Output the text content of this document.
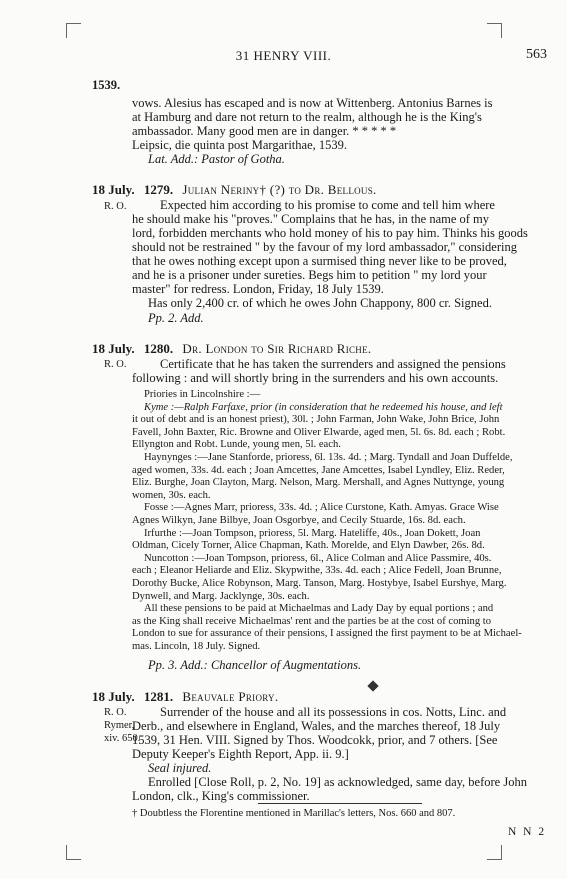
31 HENRY VIII.	563
1539.
vows. Alesius has escaped and is now at Wittenberg. Antonius Barnes is
at Hamburg and dare not return to the realm, although he is the King's
ambassador. Many good men are in danger. * * * * *
Leipsic, die quinta post Margarithae, 1539.
Lat. Add.: Pastor of Gotha.
18 July. 1279. Julian Neriny† (?) to Dr. Bellous.
R. O.	Expected him according to his promise to come and tell him where
he should make his "proves." Complains that he has, in the name of my
lord, forbidden merchants who hold money of his to pay him. Thinks his goods
should not be restrained " by the favour of my lord ambassador," considering
that he owes nothing except upon a surmised thing never like to be proved,
and he is a prisoner under sureties. Begs him to petition " my lord your
master" for redress. London, Friday, 18 July 1539.
Has only 2,400 cr. of which he owes John Chappony, 800 cr. Signed.
Pp. 2. Add.
18 July. 1280. Dr. London to Sir Richard Riche.
R. O.	Certificate that he has taken the surrenders and assigned the pensions
following : and will shortly bring in the surrenders and his own accounts.
Priories in Lincolnshire :—
Kyme :—Ralph Farfaxe, prior (in consideration that he redeemed his house, and left
it out of debt and is an honest priest), 30l. ; John Farman, John Wake, John Brice, John
Favell, John Baxter, Ric. Browne and Oliver Elwarde, aged men, 5l. 6s. 8d. each ; Robt.
Ellyngton and Robt. Lunde, young men, 5l. each.
Haynynges :—Jane Stanforde, prioress, 6l. 13s. 4d. ; Marg. Tyndall and Joan Duffelde,
aged women, 33s. 4d. each ; Joan Amcettes, Jane Amcettes, Isabel Lyndley, Eliz. Reder,
Eliz. Burghe, Joan Clayton, Marg. Nelson, Marg. Mershall, and Agnes Nuttynge, young
women, 30s. each.
Fosse :—Agnes Marr, prioress, 33s. 4d. ; Alice Curstone, Kath. Amyas. Grace Wise
Agnes Wilkyn, Jane Bilbye, Joan Osgorbye, and Cecily Stuarde, 16s. 8d. each.
Irfurthe :—Joan Tompson, prioress, 5l. Marg. Hateliffe, 40s., Joan Dokett, Joan
Oldman, Cicely Torner, Alice Chapman, Kath. Morelde, and Elyn Dawber, 26s. 8d.
Nuncotton :—Joan Tompson, prioress, 6l., Alice Colman and Alice Passmire, 40s.
each ; Eleanor Heliarde and Eliz. Skypwithe, 33s. 4d. each ; Alice Fedell, Joan Brunne,
Dorothy Bucke, Alice Robynson, Marg. Tanson, Marg. Hostybye, Isabel Eurshye, Marg.
Dynwell, and Marg. Jacklynge, 30s. each.
All these pensions to be paid at Michaelmas and Lady Day by equal portions ; and
as the King shall receive Michaelmas' rent and the parties be at the cost of coming to
London to sue for assurance of their pensions, I assigned the first payment to be at Michael-
mas. Lincoln, 18 July. Signed.
Pp. 3. Add.: Chancellor of Augmentations.
18 July. 1281. Beauvale Priory.
R. O.
Rymer,
xiv. 650.
Surrender of the house and all its possessions in cos. Notts, Linc. and
Derb., and elsewhere in England, Wales, and the marches thereof, 18 July
1539, 31 Hen. VIII. Signed by Thos. Woodcokk, prior, and 7 others. [See
Deputy Keeper's Eighth Report, App. ii. 9.]
Seal injured.
Enrolled [Close Roll, p. 2, No. 19] as acknowledged, same day, before John
London, clk., King's commissioner.
† Doubtless the Florentine mentioned in Marillac's letters, Nos. 660 and 807.
N N 2
